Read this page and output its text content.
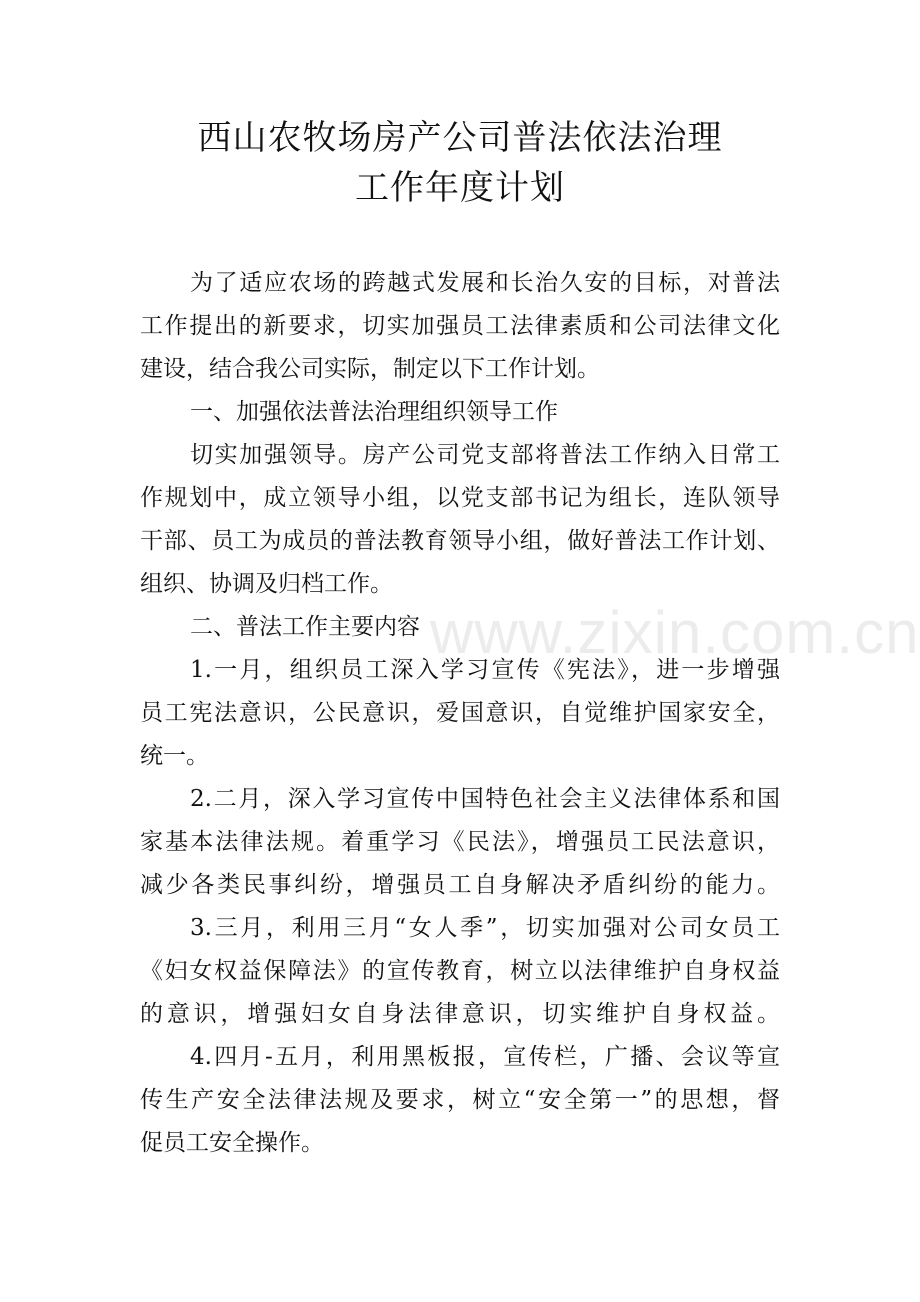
西山农牧场房产公司普法依法治理
工作年度计划
为了适应农场的跨越式发展和长治久安的目标，对普法
工作提出的新要求，切实加强员工法律素质和公司法律文化
建设，结合我公司实际，制定以下工作计划。
一、加强依法普法治理组织领导工作
切实加强领导。房产公司党支部将普法工作纳入日常工
作规划中，成立领导小组，以党支部书记为组长，连队领导
干部、员工为成员的普法教育领导小组，做好普法工作计划、
组织、协调及归档工作。
二、普法工作主要内容
1.一月，组织员工深入学习宣传《宪法》，进一步增强
员工宪法意识，公民意识，爱国意识，自觉维护国家安全，
统一。
2.二月，深入学习宣传中国特色社会主义法律体系和国
家基本法律法规。着重学习《民法》，增强员工民法意识，
减少各类民事纠纷，增强员工自身解决矛盾纠纷的能力。
3.三月，利用三月“女人季”，切实加强对公司女员工
《妇女权益保障法》的宣传教育，树立以法律维护自身权益
的意识，增强妇女自身法律意识，切实维护自身权益。
4.四月-五月，利用黑板报，宣传栏，广播、会议等宣
传生产安全法律法规及要求，树立“安全第一”的思想，督
促员工安全操作。
www.zixin.com.cn
